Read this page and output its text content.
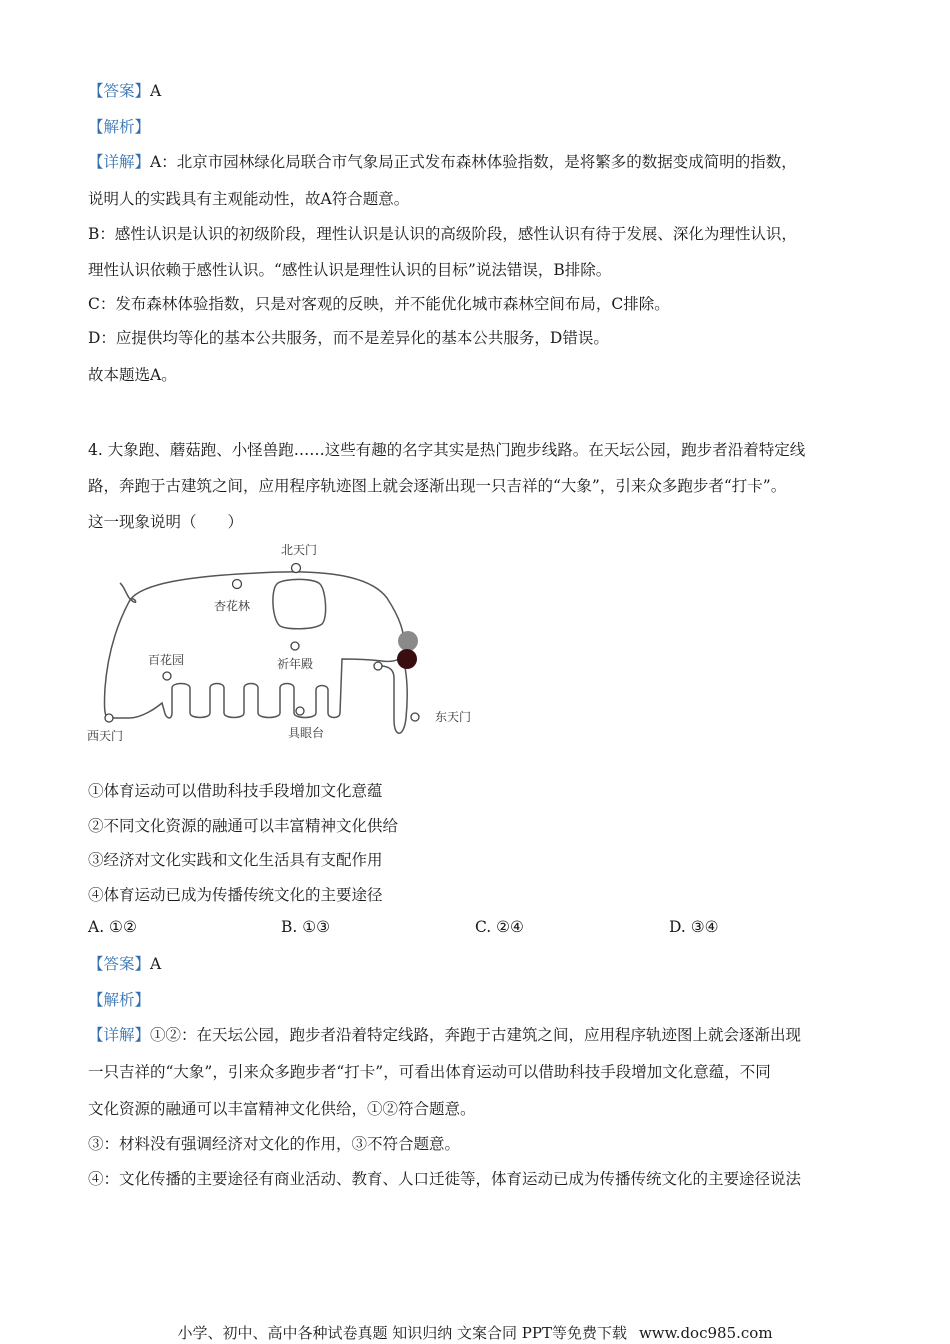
【答案】A
【解析】
【详解】A：北京市园林绿化局联合市气象局正式发布森林体验指数，是将繁多的数据变成简明的指数，
说明人的实践具有主观能动性，故A符合题意。
B：感性认识是认识的初级阶段，理性认识是认识的高级阶段，感性认识有待于发展、深化为理性认识，
理性认识依赖于感性认识。“感性认识是理性认识的目标”说法错误，B排除。
C：发布森林体验指数，只是对客观的反映，并不能优化城市森林空间布局，C排除。
D：应提供均等化的基本公共服务，而不是差异化的基本公共服务，D错误。
故本题选A。
4. 大象跑、蘑菇跑、小怪兽跑……这些有趣的名字其实是热门跑步线路。在天坛公园，跑步者沿着特定线
路，奔跑于古建筑之间，应用程序轨迹图上就会逐渐出现一只吉祥的“大象”，引来众多跑步者“打卡”。
这一现象说明（　　）
北天门
杏花林
百花园	祈年殿
西天门	具眼台
东天门
①体育运动可以借助科技手段增加文化意蕴
②不同文化资源的融通可以丰富精神文化供给
③经济对文化实践和文化生活具有支配作用
④体育运动已成为传播传统文化的主要途径
A. ①②	B. ①③	C. ②④	D. ③④
【答案】A
【解析】
【详解】①②：在天坛公园，跑步者沿着特定线路，奔跑于古建筑之间，应用程序轨迹图上就会逐渐出现
一只吉祥的“大象”，引来众多跑步者“打卡”，可看出体育运动可以借助科技手段增加文化意蕴，不同
文化资源的融通可以丰富精神文化供给，①②符合题意。
③：材料没有强调经济对文化的作用，③不符合题意。
④：文化传播的主要途径有商业活动、教育、人口迁徙等，体育运动已成为传播传统文化的主要途径说法
小学、初中、高中各种试卷真题 知识归纳 文案合同 PPT等免费下载 www.doc985.com
